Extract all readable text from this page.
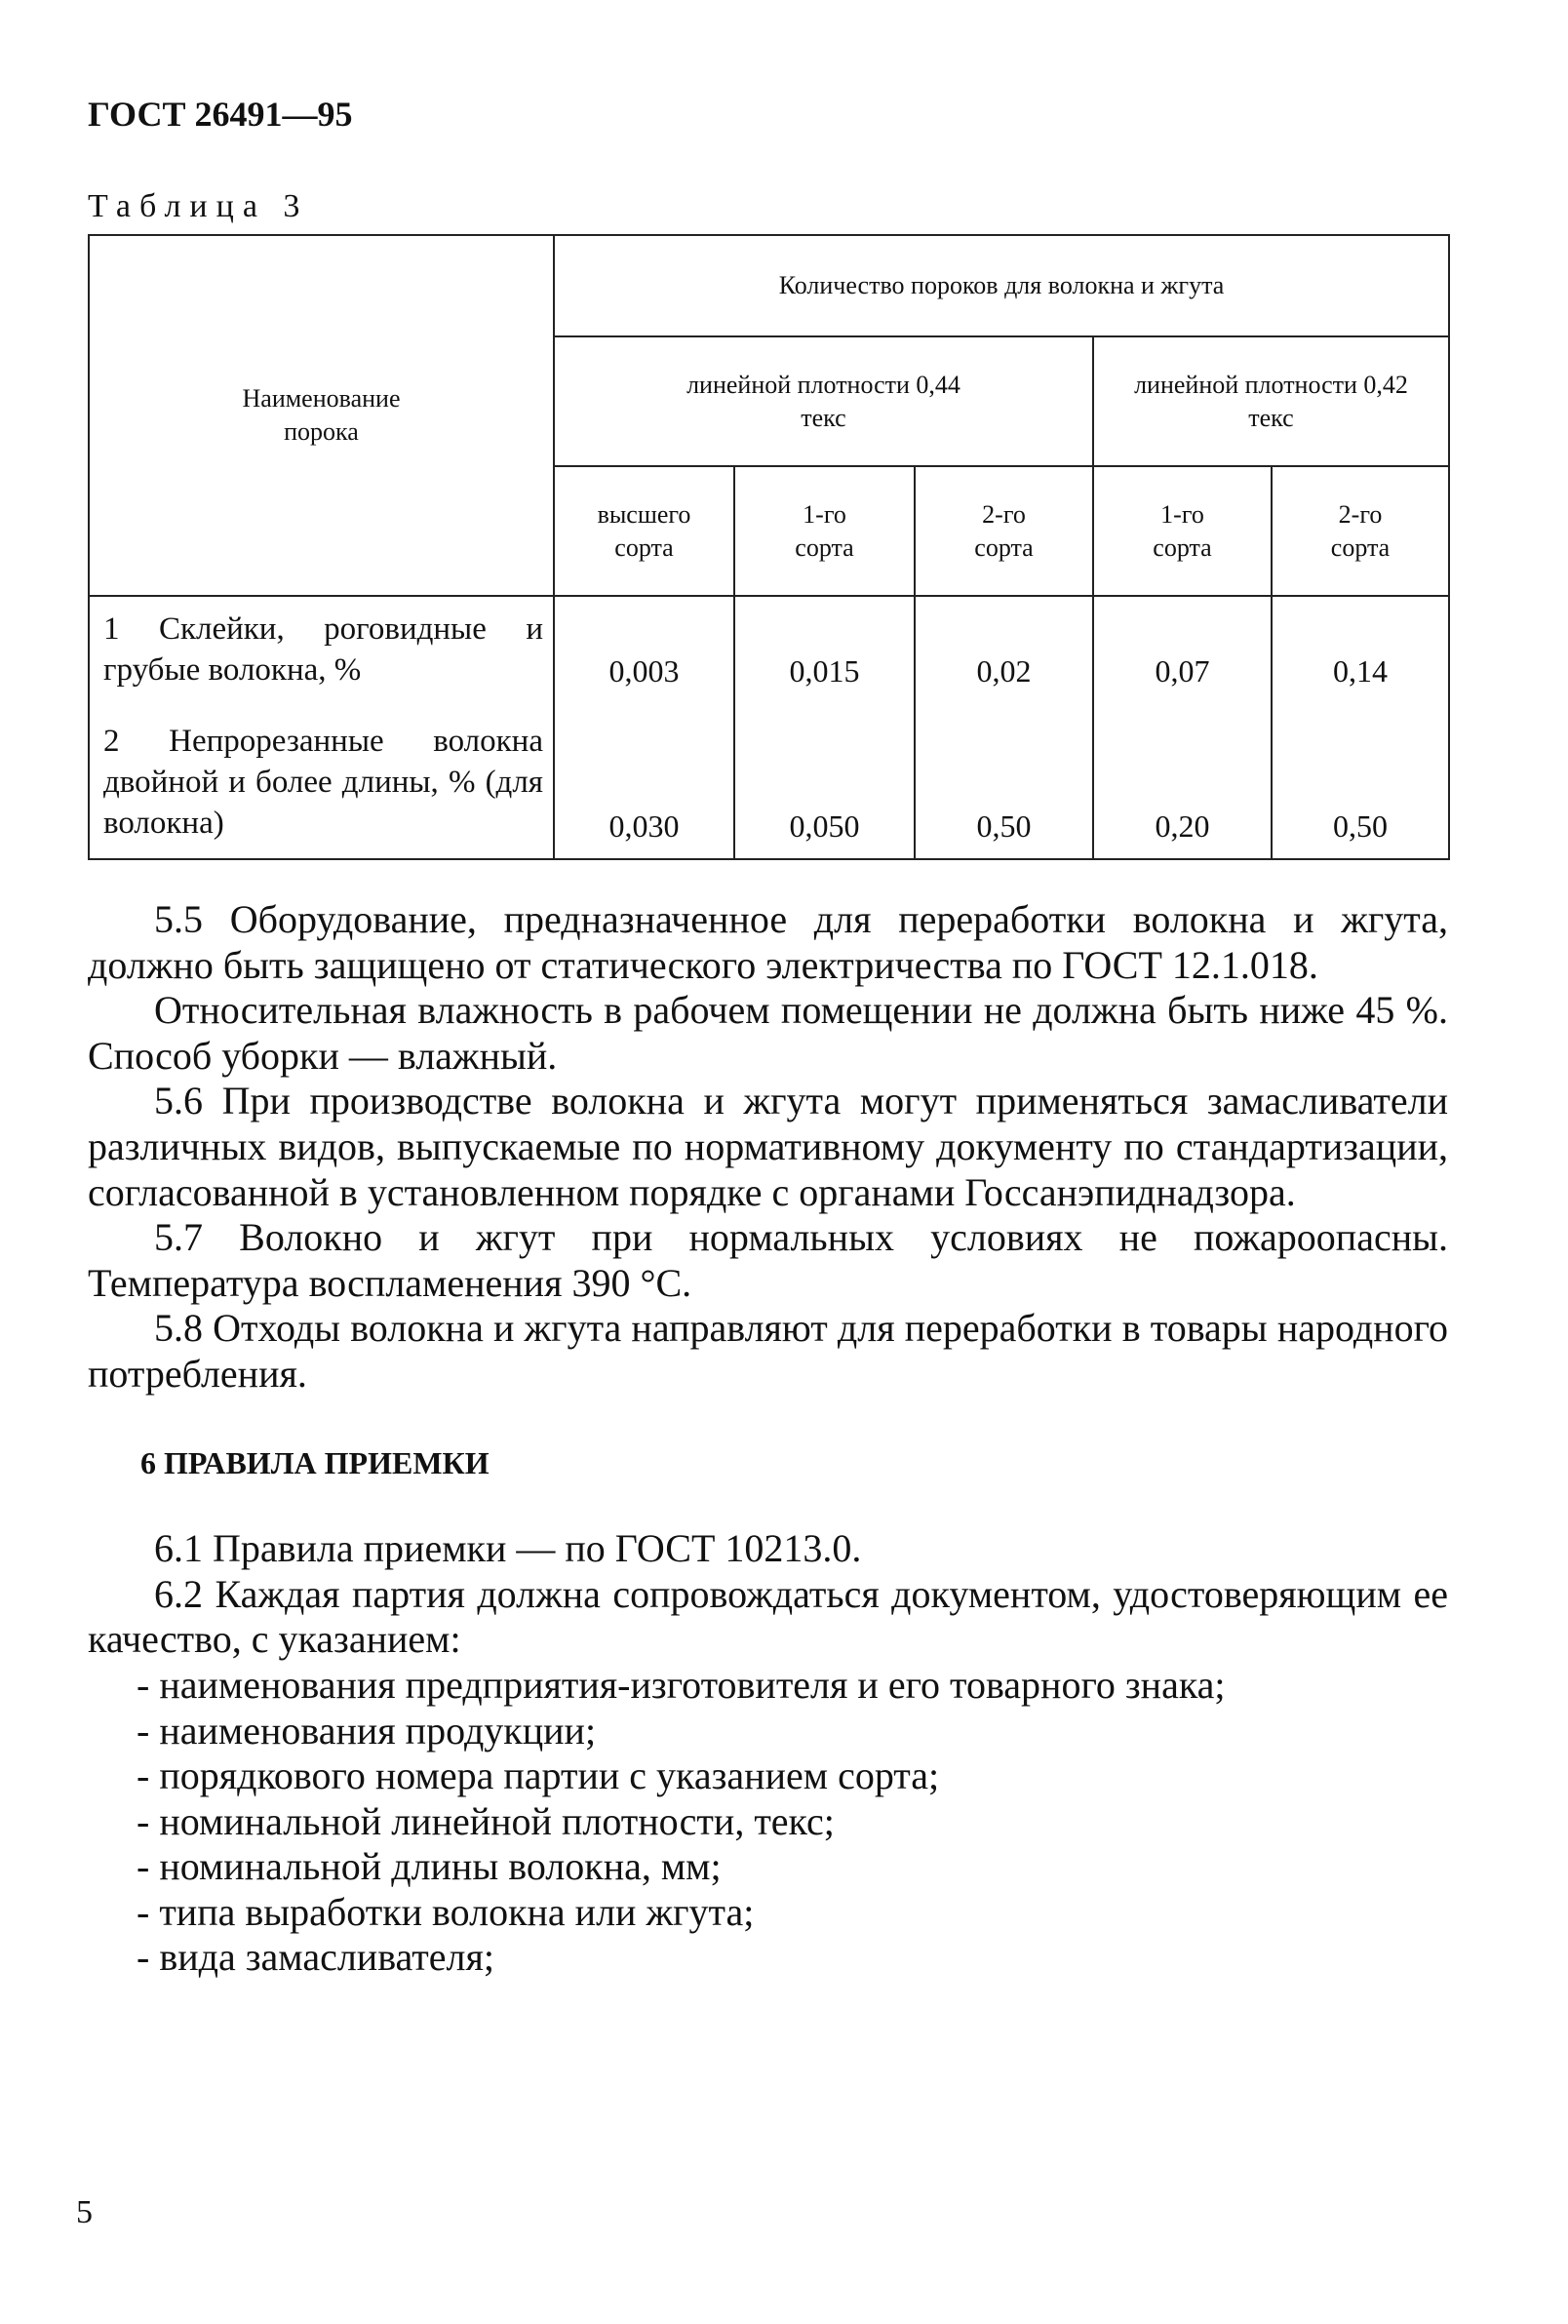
ГОСТ 26491—95
Таблица 3
Наименование порока	Количество пороков для волокна и жгута				

	линейной плотности 0,44 текс			линейной плотности 0,42 текс	

	высшего сорта	1-го сорта	2-го сорта	1-го сорта	2-го сорта

1 Склейки, роговидные и грубые волокна, %	0,003	0,015	0,02	0,07	0,14
2 Непрорезанные волокна двойной и более длины, % (для волокна)	0,030	0,050	0,50	0,20	0,50

5.5 Оборудование, предназначенное для переработки волокна и жгута, должно быть защищено от статического электричества по ГОСТ 12.1.018.

Относительная влажность в рабочем помещении не должна быть ниже 45 %. Способ уборки — влажный.

5.6 При производстве волокна и жгута могут применяться замасливатели различных видов, выпускаемые по нормативному документу по стандартизации, согласованной в установленном порядке с органами Госсанэпиднадзора.

5.7 Волокно и жгут при нормальных условиях не пожароопасны. Температура воспламенения 390 °С.

5.8 Отходы волокна и жгута направляют для переработки в товары народного потребления.

6 ПРАВИЛА ПРИЕМКИ

6.1 Правила приемки — по ГОСТ 10213.0.

6.2 Каждая партия должна сопровождаться документом, удостоверяющим ее качество, с указанием:

- наименования предприятия-изготовителя и его товарного знака;

- наименования продукции;

- порядкового номера партии с указанием сорта;

- номинальной линейной плотности, текс;

- номинальной длины волокна, мм;

- типа выработки волокна или жгута;

- вида замасливателя;

5
